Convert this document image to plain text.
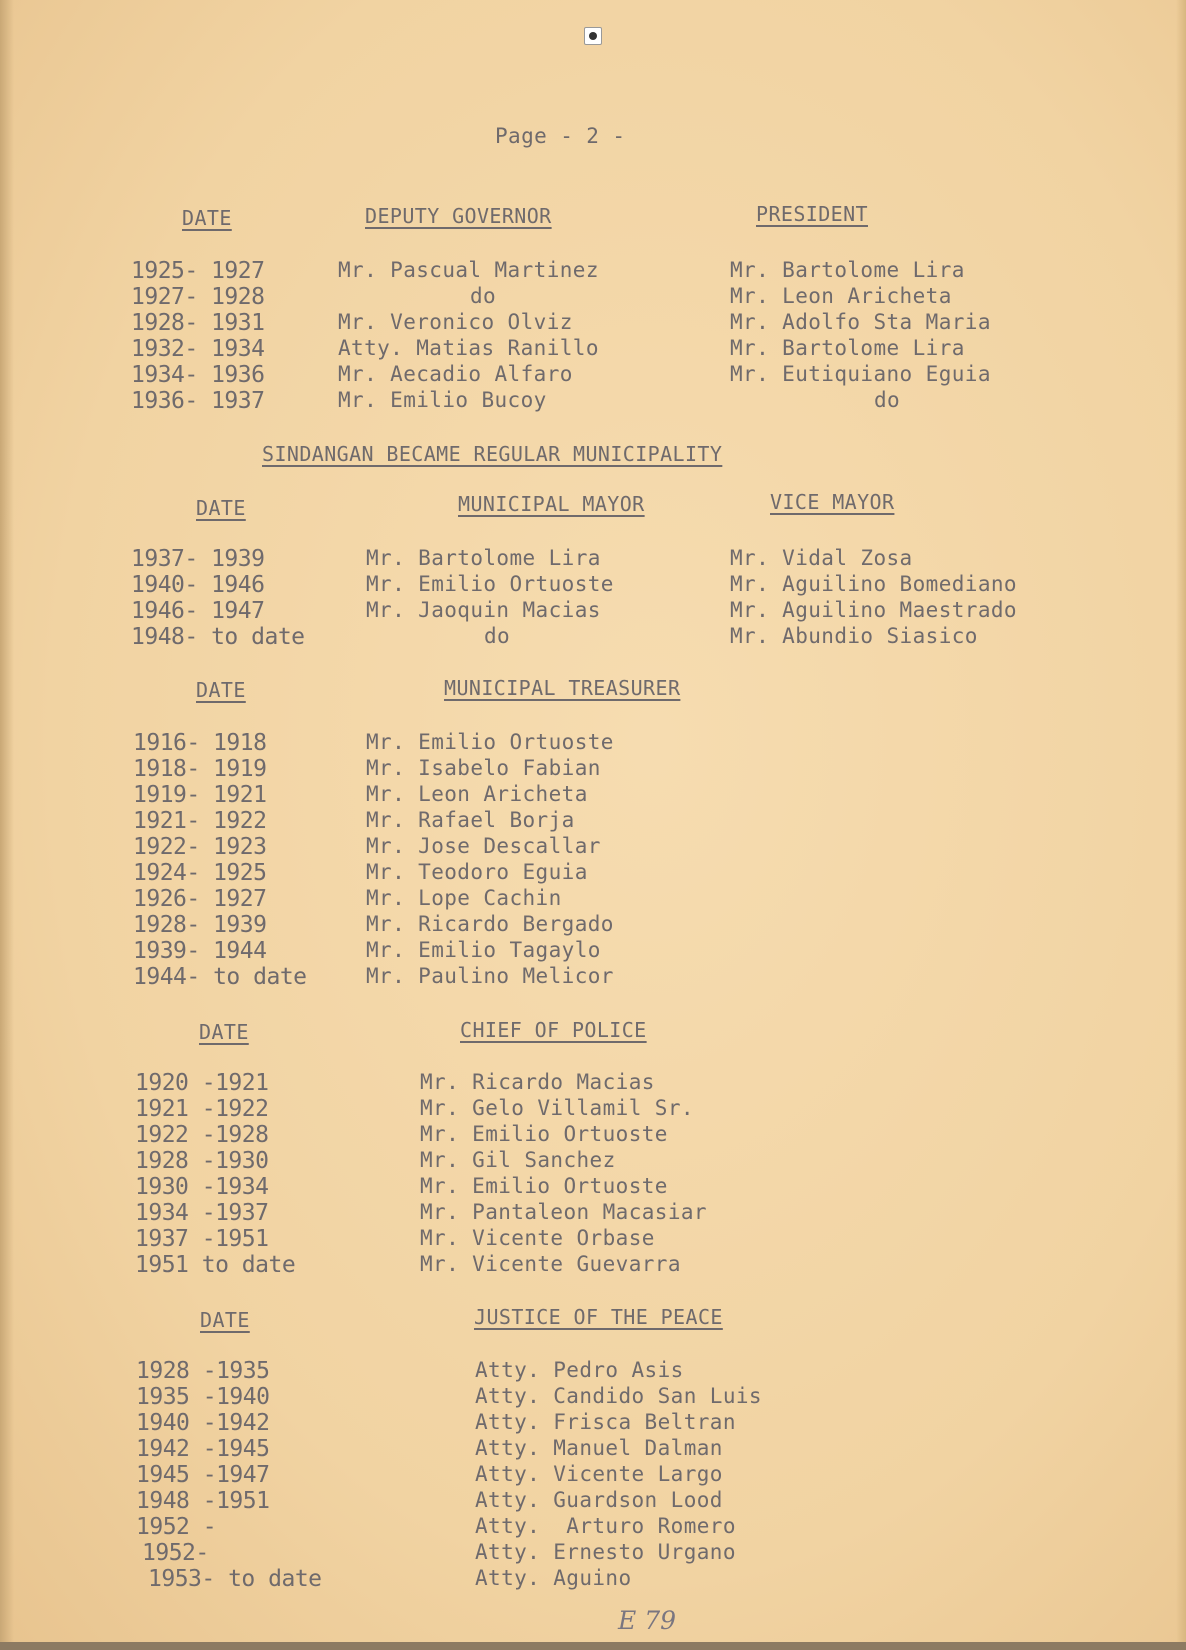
Page - 2 -
DATE	DEPUTY GOVERNOR	PRESIDENT
1925- 1927	Mr. Pascual Martinez	Mr. Bartolome Lira
1927- 1928	do	Mr. Leon Aricheta
1928- 1931	Mr. Veronico Olviz	Mr. Adolfo Sta Maria
1932- 1934	Atty. Matias Ranillo	Mr. Bartolome Lira
1934- 1936	Mr. Aecadio Alfaro	Mr. Eutiquiano Eguia
1936- 1937	Mr. Emilio Bucoy	do
SINDANGAN BECAME REGULAR MUNICIPALITY
DATE	MUNICIPAL MAYOR	VICE MAYOR
1937- 1939	Mr. Bartolome Lira	Mr. Vidal Zosa
1940- 1946	Mr. Emilio Ortuoste	Mr. Aguilino Bomediano
1946- 1947	Mr. Jaoquin Macias	Mr. Aguilino Maestrado
1948- to date	do	Mr. Abundio Siasico
DATE	MUNICIPAL TREASURER
1916- 1918	Mr. Emilio Ortuoste
1918- 1919	Mr. Isabelo Fabian
1919- 1921	Mr. Leon Aricheta
1921- 1922	Mr. Rafael Borja
1922- 1923	Mr. Jose Descallar
1924- 1925	Mr. Teodoro Eguia
1926- 1927	Mr. Lope Cachin
1928- 1939	Mr. Ricardo Bergado
1939- 1944	Mr. Emilio Tagaylo
1944- to date	Mr. Paulino Melicor
DATE	CHIEF OF POLICE
1920 -1921	Mr. Ricardo Macias
1921 -1922	Mr. Gelo Villamil Sr.
1922 -1928	Mr. Emilio Ortuoste
1928 -1930	Mr. Gil Sanchez
1930 -1934	Mr. Emilio Ortuoste
1934 -1937	Mr. Pantaleon Macasiar
1937 -1951	Mr. Vicente Orbase
1951 to date	Mr. Vicente Guevarra
DATE	JUSTICE OF THE PEACE
1928 -1935	Atty. Pedro Asis
1935 -1940	Atty. Candido San Luis
1940 -1942	Atty. Frisca Beltran
1942 -1945	Atty. Manuel Dalman
1945 -1947	Atty. Vicente Largo
1948 -1951	Atty. Guardson Lood
1952 -	Atty.  Arturo Romero
1952-	Atty. Ernesto Urgano
1953- to date	Atty. Aguino
E 79
